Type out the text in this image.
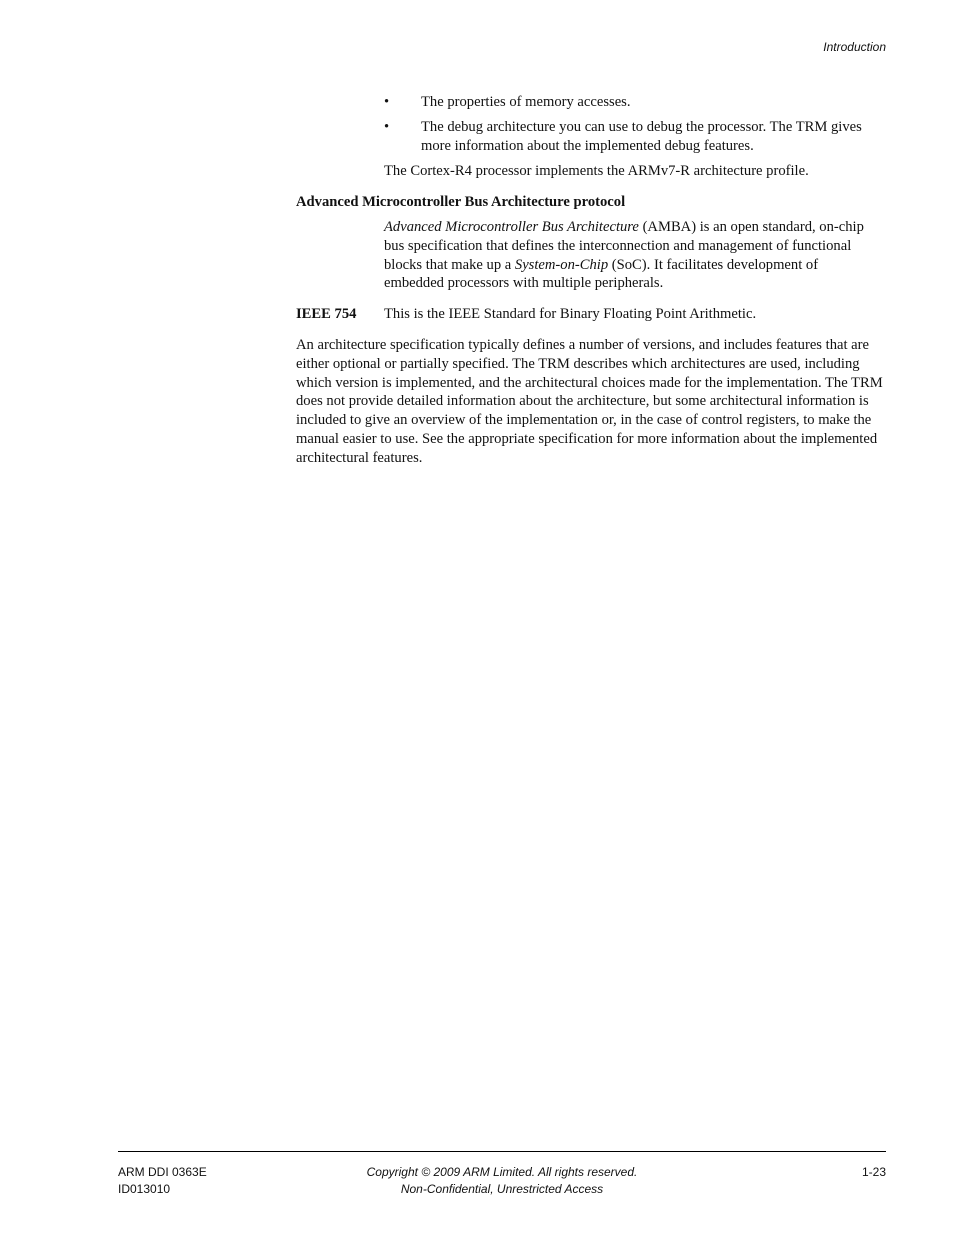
Introduction
• The properties of memory accesses.
• The debug architecture you can use to debug the processor. The TRM gives more information about the implemented debug features.

The Cortex-R4 processor implements the ARMv7-R architecture profile.

Advanced Microcontroller Bus Architecture protocol

Advanced Microcontroller Bus Architecture (AMBA) is an open standard, on-chip bus specification that defines the interconnection and management of functional blocks that make up a System-on-Chip (SoC). It facilitates development of embedded processors with multiple peripherals.

IEEE 754 This is the IEEE Standard for Binary Floating Point Arithmetic.

An architecture specification typically defines a number of versions, and includes features that are either optional or partially specified. The TRM describes which architectures are used, including which version is implemented, and the architectural choices made for the implementation. The TRM does not provide detailed information about the architecture, but some architectural information is included to give an overview of the implementation or, in the case of control registers, to make the manual easier to use. See the appropriate specification for more information about the implemented architectural features.

ARM DDI 0363E
ID013010
Copyright © 2009 ARM Limited. All rights reserved.
Non-Confidential, Unrestricted Access
1-23
